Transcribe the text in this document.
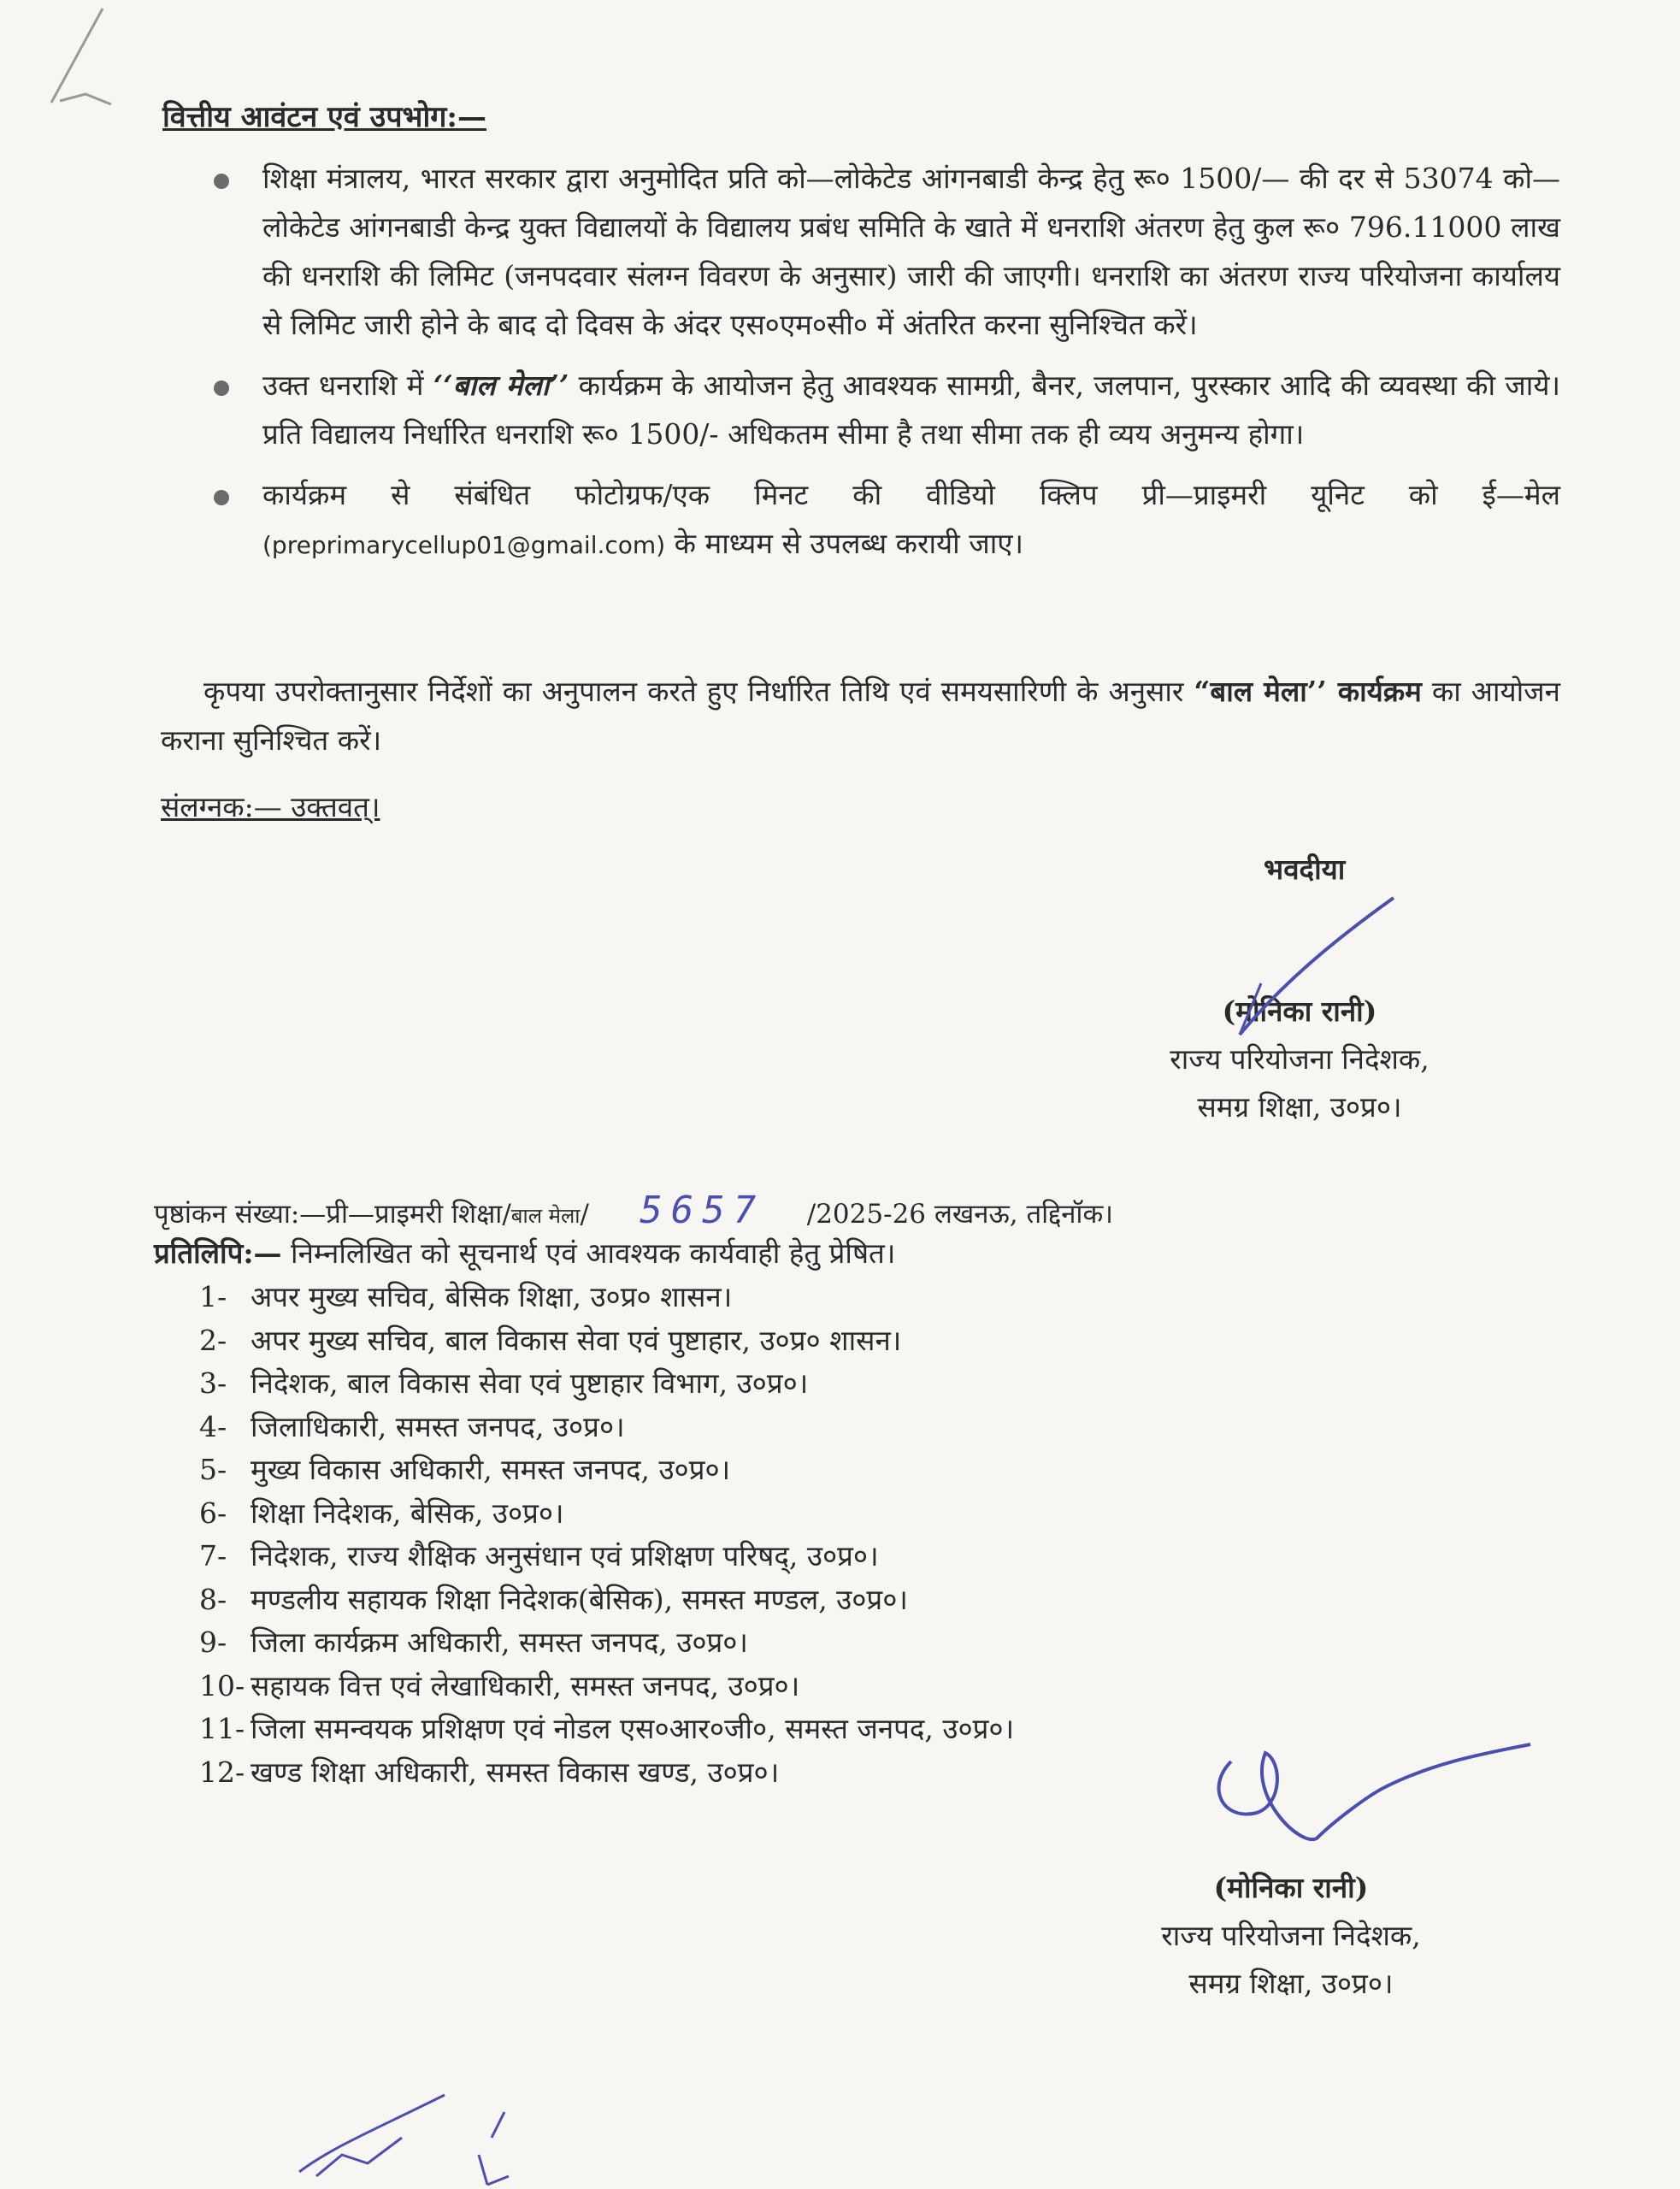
वित्तीय आवंटन एवं उपभोग:—
शिक्षा मंत्रालय, भारत सरकार द्वारा अनुमोदित प्रति को—लोकेटेड आंगनबाडी केन्द्र हेतु रू० 1500/— की दर से 53074 को—लोकेटेड आंगनबाडी केन्द्र युक्त विद्यालयों के विद्यालय प्रबंध समिति के खाते में धनराशि अंतरण हेतु कुल रू० 796.11000 लाख की धनराशि की लिमिट (जनपदवार संलग्न विवरण के अनुसार) जारी की जाएगी। धनराशि का अंतरण राज्य परियोजना कार्यालय से लिमिट जारी होने के बाद दो दिवस के अंदर एस०एम०सी० में अंतरित करना सुनिश्चित करें।
उक्त धनराशि में ‘‘बाल मेला’’ कार्यक्रम के आयोजन हेतु आवश्यक सामग्री, बैनर, जलपान, पुरस्कार आदि की व्यवस्था की जाये। प्रति विद्यालय निर्धारित धनराशि रू० 1500/- अधिकतम सीमा है तथा सीमा तक ही व्यय अनुमन्य होगा।
कार्यक्रम से संबंधित फोटोग्रफ/एक मिनट की वीडियो क्लिप प्री—प्राइमरी यूनिट को ई—मेल (preprimarycellup01@gmail.com) के माध्यम से उपलब्ध करायी जाए।
कृपया उपरोक्तानुसार निर्देशों का अनुपालन करते हुए निर्धारित तिथि एवं समयसारिणी के अनुसार “बाल मेला’’ कार्यक्रम का आयोजन कराना सुनिश्चित करें।
संलग्नक:— उक्तवत्।
भवदीया
(मोनिका रानी)
राज्य परियोजना निदेशक,
समग्र शिक्षा, उ०प्र०।
पृष्ठांकन संख्या:—प्री—प्राइमरी शिक्षा/बाल मेला/ 5657 /2025-26 लखनऊ, तद्दिनॉक।
प्रतिलिपि:— निम्नलिखित को सूचनार्थ एवं आवश्यक कार्यवाही हेतु प्रेषित।
1- अपर मुख्य सचिव, बेसिक शिक्षा, उ०प्र० शासन।
2- अपर मुख्य सचिव, बाल विकास सेवा एवं पुष्टाहार, उ०प्र० शासन।
3- निदेशक, बाल विकास सेवा एवं पुष्टाहार विभाग, उ०प्र०।
4- जिलाधिकारी, समस्त जनपद, उ०प्र०।
5- मुख्य विकास अधिकारी, समस्त जनपद, उ०प्र०।
6- शिक्षा निदेशक, बेसिक, उ०प्र०।
7- निदेशक, राज्य शैक्षिक अनुसंधान एवं प्रशिक्षण परिषद्, उ०प्र०।
8- मण्डलीय सहायक शिक्षा निदेशक(बेसिक), समस्त मण्डल, उ०प्र०।
9- जिला कार्यक्रम अधिकारी, समस्त जनपद, उ०प्र०।
10- सहायक वित्त एवं लेखाधिकारी, समस्त जनपद, उ०प्र०।
11- जिला समन्वयक प्रशिक्षण एवं नोडल एस०आर०जी०, समस्त जनपद, उ०प्र०।
12- खण्ड शिक्षा अधिकारी, समस्त विकास खण्ड, उ०प्र०।
(मोनिका रानी)
राज्य परियोजना निदेशक,
समग्र शिक्षा, उ०प्र०।
